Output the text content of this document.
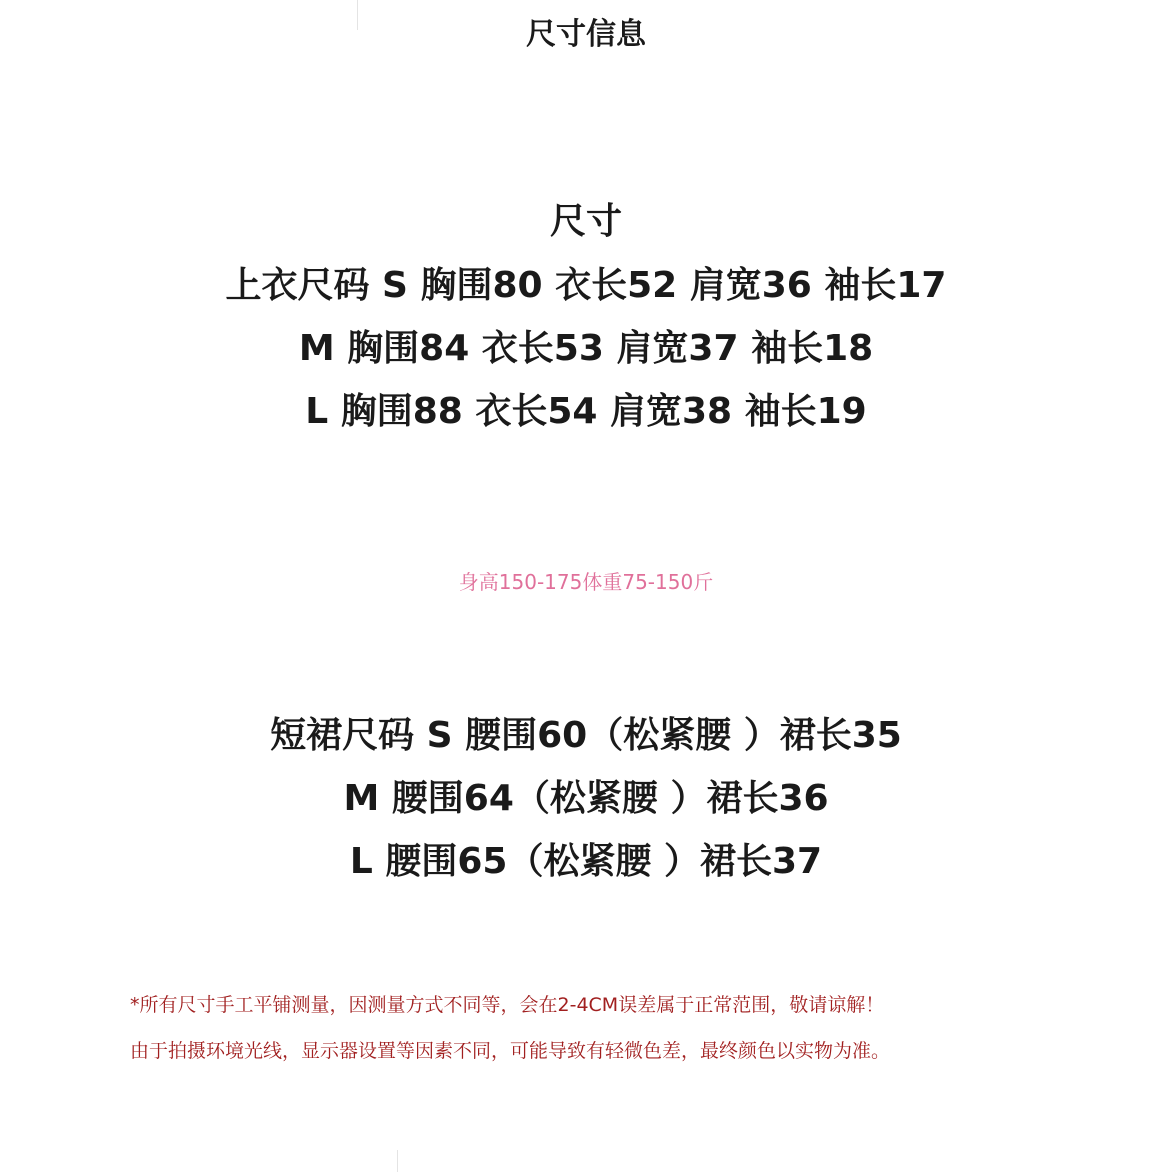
尺寸信息
尺寸
上衣尺码 S 胸围80 衣长52 肩宽36 袖长17
M 胸围84 衣长53 肩宽37 袖长18
L 胸围88 衣长54 肩宽38 袖长19
身高150-175体重75-150斤
短裙尺码 S 腰围60（松紧腰 ）裙长35
M 腰围64（松紧腰 ）裙长36
L 腰围65（松紧腰 ）裙长37
*所有尺寸手工平铺测量，因测量方式不同等，会在2-4CM误差属于正常范围，敬请谅解！
由于拍摄环境光线，显示器设置等因素不同，可能导致有轻微色差，最终颜色以实物为准。
